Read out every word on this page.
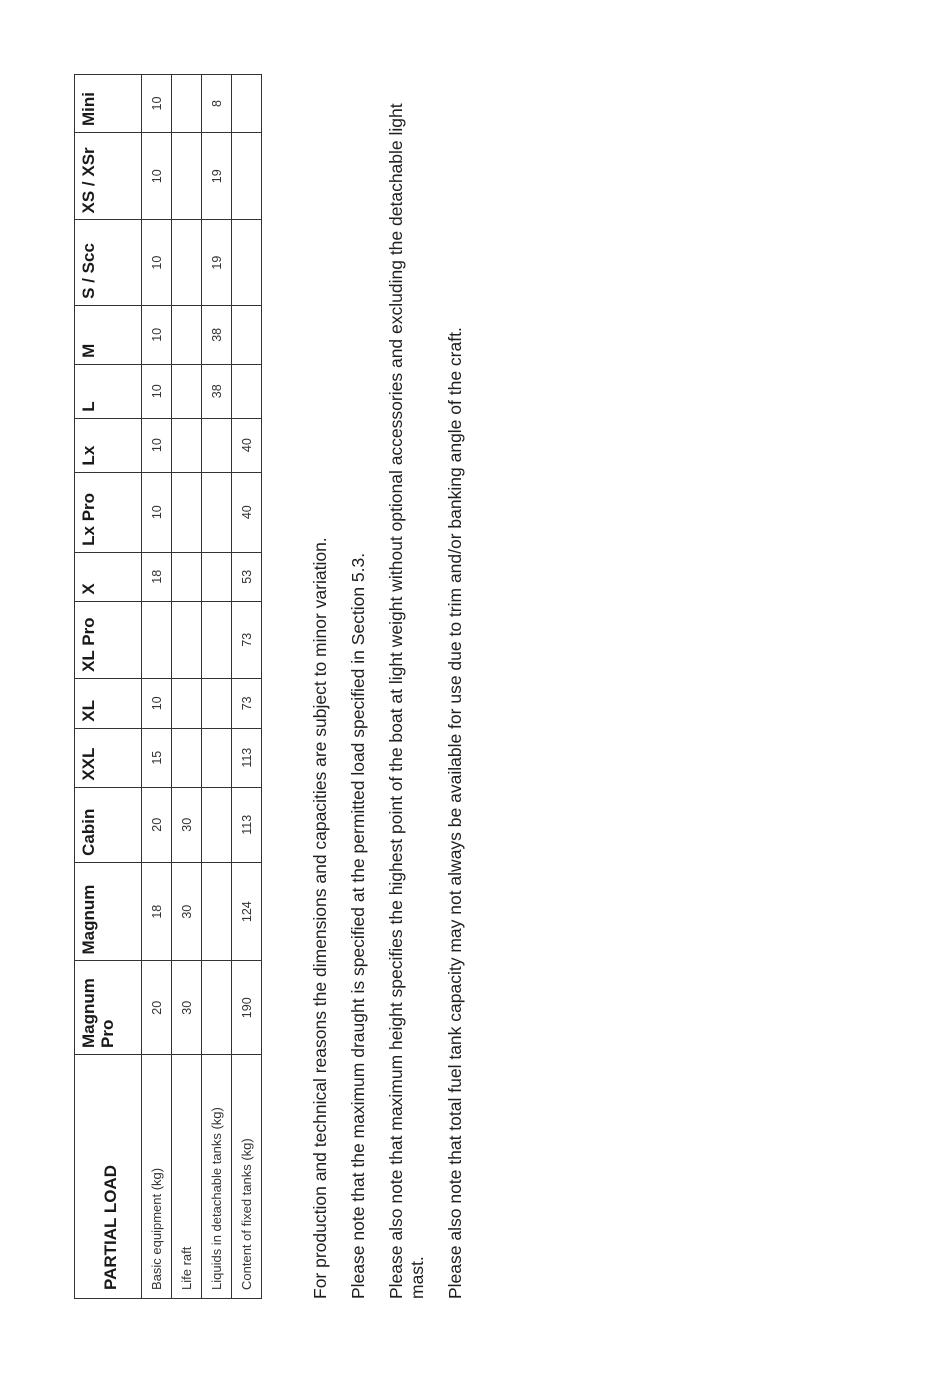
PARTIAL LOAD	Magnum Pro	Magnum	Cabin	XXL	XL	XL Pro	X	Lx Pro	Lx	L	M	S / Scc	XS / XSr	Mini
Basic equipment (kg)	20	18	20	15	10		18	10	10	10	10	10	10	10
Life raft	30	30	30											
Liquids in detachable tanks (kg)										38	38	19	19	8
Content of fixed tanks (kg)	190	124	113	113	73	73	53	40	40					

For production and technical reasons the dimensions and capacities are subject to minor variation. Please note that the maximum draught is specified at the permitted load specified in Section 5.3. Please also note that maximum height specifies the highest point of the boat at light weight without optional accessories and excluding the detachable light mast. Please also note that total fuel tank capacity may not always be available for use due to trim and/or banking angle of the craft.
